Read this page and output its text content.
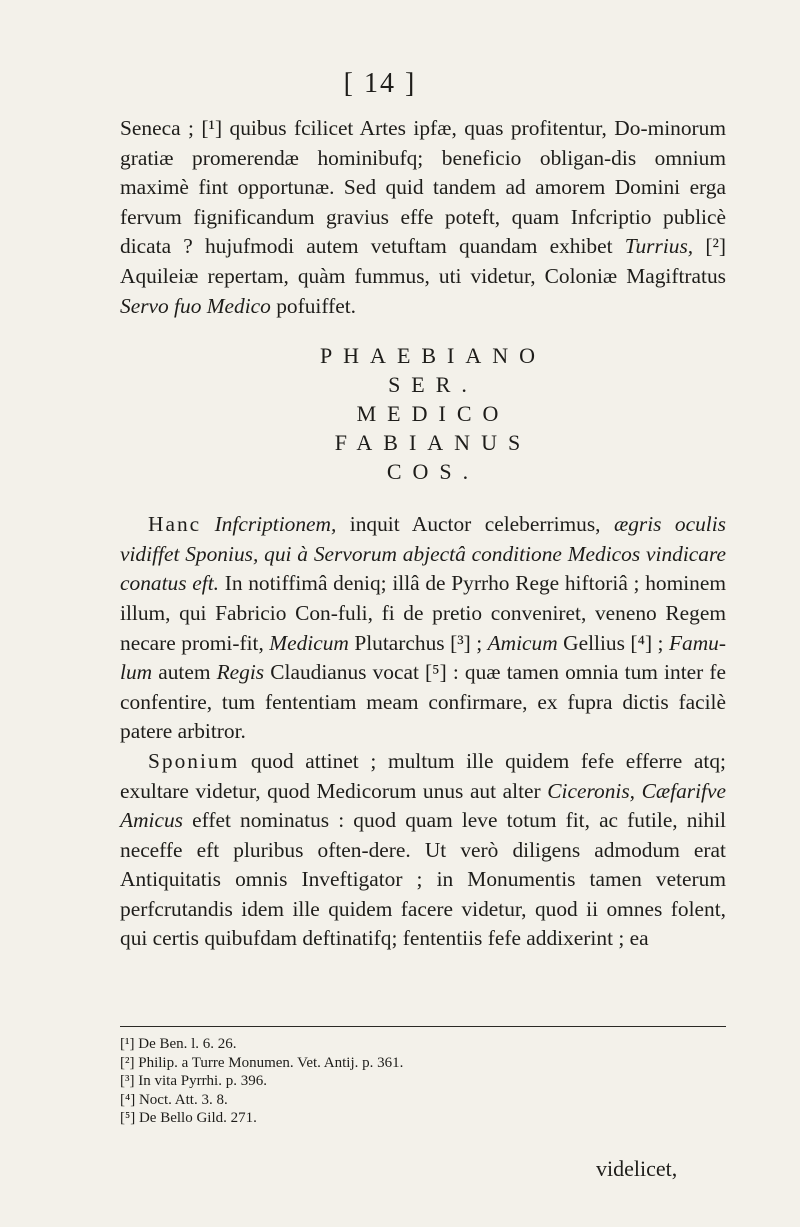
[ 14 ]

Seneca ; [¹] quibus fcilicet Artes ipfæ, quas profitentur, Do-minorum gratiæ promerendæ hominibufq; beneficio obligan-dis omnium maximè fint opportunæ. Sed quid tandem ad amorem Domini erga fervum fignificandum gravius effe poteft, quam Infcriptio publicè dicata ? hujufmodi autem vetuftam quandam exhibet Turrius, [²] Aquileiæ repertam, quàm fummus, uti videtur, Coloniæ Magiftratus Servo fuo Medico pofuiffet.

PHAEBIANO
SER.
MEDICO
FABIANUS
COS.

Hanc Infcriptionem, inquit Auctor celeberrimus, ægris oculis vidiffet Sponius, qui à Servorum abjectâ conditione Medicos vindicare conatus eft. In notiffimâ deniq; illâ de Pyrrho Rege hiftoriâ ; hominem illum, qui Fabricio Con-fuli, fi de pretio conveniret, veneno Regem necare promi-fit, Medicum Plutarchus [³] ; Amicum Gellius [⁴] ; Famu-lum autem Regis Claudianus vocat [⁵] : quæ tamen omnia tum inter fe confentire, tum fententiam meam confirmare, ex fupra dictis facilè patere arbitror.

Sponium quod attinet ; multum ille quidem fefe efferre atq; exultare videtur, quod Medicorum unus aut alter Ciceronis, Cæfarifve Amicus effet nominatus : quod quam leve totum fit, ac futile, nihil neceffe eft pluribus often-dere. Ut verò diligens admodum erat Antiquitatis omnis Inveftigator ; in Monumentis tamen veterum perfcrutandis idem ille quidem facere videtur, quod ii omnes folent, qui certis quibufdam deftinatifq; fententiis fefe addixerint ; ea

[¹] De Ben. l. 6. 26.
[²] Philip. a Turre Monumen. Vet. Antij. p. 361.
[³] In vita Pyrrhi. p. 396.
[⁴] Noct. Att. 3. 8.
[⁵] De Bello Gild. 271.
videlicet,
